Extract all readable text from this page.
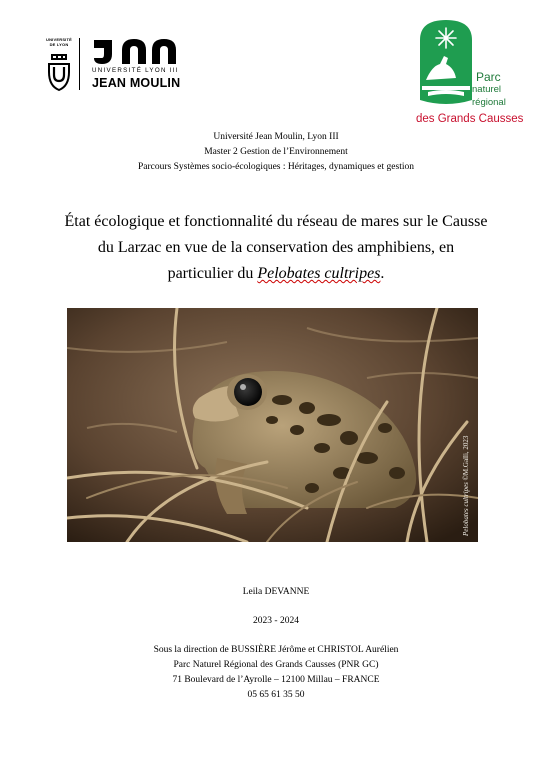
UNIVERSITÉ
DE LYON
UNIVERSITÉ LYON III
JEAN MOULIN	Parc
naturel
régional
des Grands Causses
Université Jean Moulin, Lyon III
Master 2 Gestion de l’Environnement
Parcours Systèmes socio-écologiques : Héritages, dynamiques et gestion
État écologique et fonctionnalité du réseau de mares sur le Causse
du Larzac en vue de la conservation des amphibiens, en
particulier du Pelobates cultripes.
Pelobates cultripes ©M.Galli, 2023
Leila DEVANNE
2023 - 2024
Sous la direction de BUSSIÈRE Jérôme et CHRISTOL Aurélien
Parc Naturel Régional des Grands Causses (PNR GC)
71 Boulevard de l’Ayrolle – 12100 Millau – FRANCE
05 65 61 35 50
